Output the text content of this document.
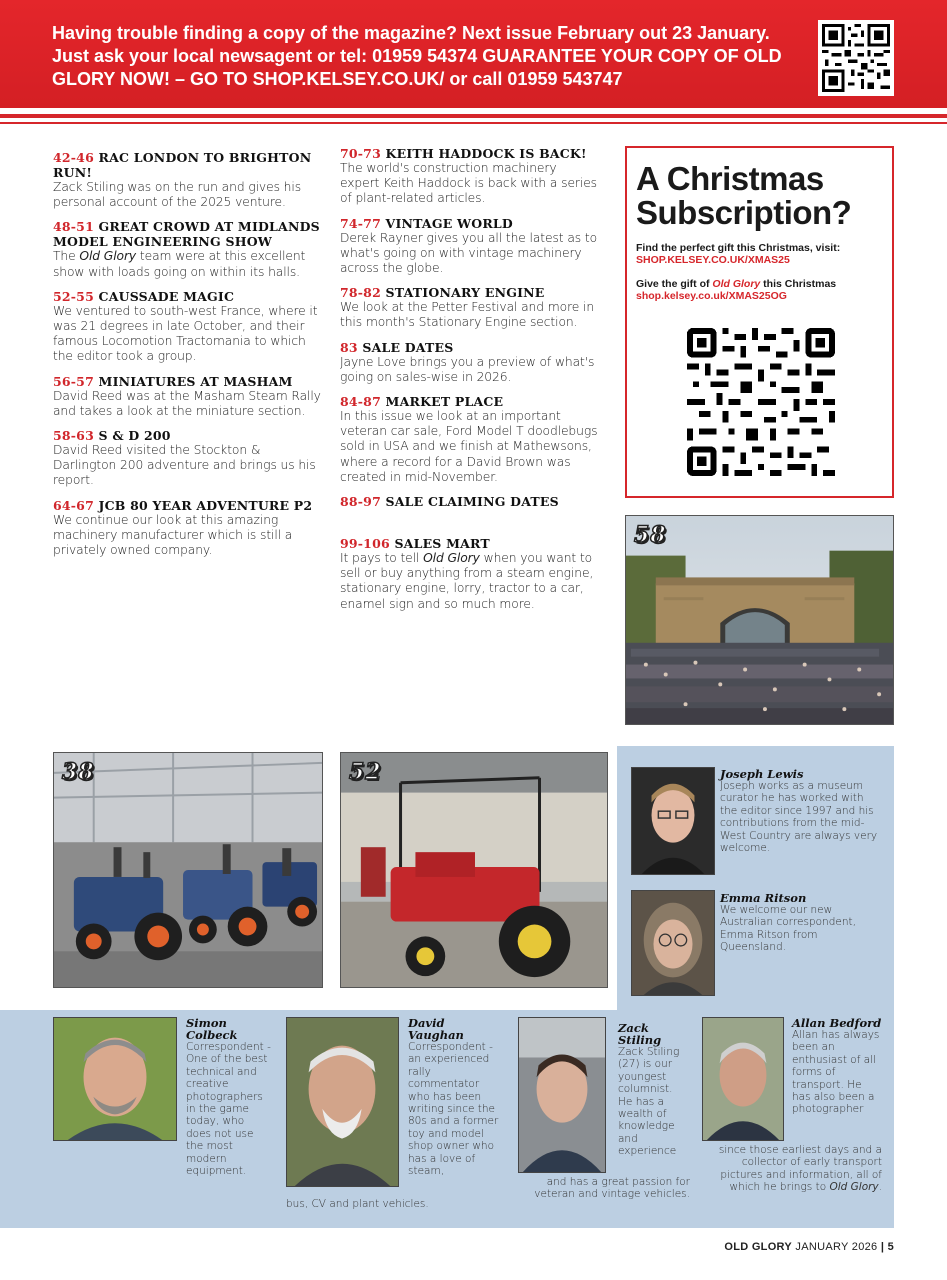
Having trouble finding a copy of the magazine? Next issue February out 23 January. Just ask your local newsagent or tel: 01959 54374 GUARANTEE YOUR COPY OF OLD GLORY NOW! – GO TO SHOP.KELSEY.CO.UK/ or call 01959 543747
42-46 RAC LONDON TO BRIGHTON RUN!
Zack Stiling was on the run and gives his personal account of the 2025 venture.
48-51 GREAT CROWD AT MIDLANDS MODEL ENGINEERING SHOW
The Old Glory team were at this excellent show with loads going on within its halls.
52-55 CAUSSADE MAGIC
We ventured to south-west France, where it was 21 degrees in late October, and their famous Locomotion Tractomania to which the editor took a group.
56-57 MINIATURES AT MASHAM
David Reed was at the Masham Steam Rally and takes a look at the miniature section.
58-63 S & D 200
David Reed visited the Stockton & Darlington 200 adventure and brings us his report.
64-67 JCB 80 YEAR ADVENTURE P2
We continue our look at this amazing machinery manufacturer which is still a privately owned company.
70-73 KEITH HADDOCK IS BACK!
The world's construction machinery expert Keith Haddock is back with a series of plant-related articles.
74-77 VINTAGE WORLD
Derek Rayner gives you all the latest as to what's going on with vintage machinery across the globe.
78-82 STATIONARY ENGINE
We look at the Petter Festival and more in this month's Stationary Engine section.
83 SALE DATES
Jayne Love brings you a preview of what's going on sales-wise in 2026.
84-87 MARKET PLACE
In this issue we look at an important veteran car sale, Ford Model T doodlebugs sold in USA and we finish at Mathewsons, where a record for a David Brown was created in mid-November.
88-97 SALE CLAIMING DATES
99-106 SALES MART
It pays to tell Old Glory when you want to sell or buy anything from a steam engine, stationary engine, lorry, tractor to a car, enamel sign and so much more.
A Christmas Subscription?
Find the perfect gift this Christmas, visit:
SHOP.KELSEY.CO.UK/XMAS25
Give the gift of Old Glory this Christmas
shop.kelsey.co.uk/XMAS25OG
58
38	52	Joseph Lewis
Joseph works as a museum curator he has worked with the editor since 1997 and his contributions from the mid-West Country are always very welcome.
Emma Ritson
We welcome our new Australian correspondent, Emma Ritson from Queensland.
Simon Colbeck
Correspondent - One of the best technical and creative photographers in the game today, who does not use the most modern equipment.
David Vaughan
Correspondent - an experienced rally commentator who has been writing since the 80s and a former toy and model shop owner who has a love of steam,
bus, CV and plant vehicles.
Zack Stiling
Zack Stiling (27) is our youngest columnist. He has a wealth of knowledge and experience
and has a great passion for veteran and vintage vehicles.
Allan Bedford
Allan has always been an enthusiast of all forms of transport. He has also been a photographer
since those earliest days and a collector of early transport pictures and information, all of which he brings to Old Glory.
OLD GLORY JANUARY 2026 | 5
